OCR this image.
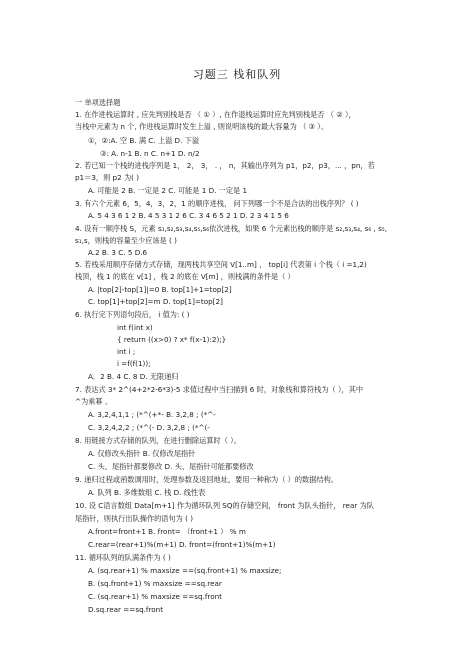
习题三 栈和队列
一 单项选择题
1. 在作进栈运算时 , 应先判别栈是否 （ ① ）, 在作退栈运算时应先判别栈是否 （ ② ），
当栈中元素为 n 个, 作进栈运算时发生上溢 , 则说明该栈的最大容量为 （ ③ ）。
①，②:A. 空 B. 满 C. 上溢 D. 下溢
③: A. n-1 B. n C. n+1 D. n/2
2. 若已知一个栈的进栈序列是 1， 2， 3， . ， n，其输出序列为 p1，p2，p3，... ，pn，若
p1＝3，则 p2 为( )
A. 可能是 2 B. 一定是 2 C. 可能是 1 D. 一定是 1
3. 有六个元素 6，5，4，3，2，1 的顺序进栈， 问下列哪一个不是合法的出栈序列？ ( )
A. 5 4 3 6 1 2 B. 4 5 3 1 2 6 C. 3 4 6 5 2 1 D. 2 3 4 1 5 6
4. 设有一顺序栈 S，元素 s₁,s₂,s₃,s₄,s₅,s₆依次进栈，如果 6 个元素出栈的顺序是 s₂,s₃,s₄, s₆ , s₅,
s₁,s，则栈的容量至少应该是 ( )
A.2 B. 3 C. 5 D.6
5. 若栈采用顺序存储方式存储，现两栈共享空间 V[1..m] ， top[i] 代表第 i 个栈（ i =1,2)
栈顶，栈 1 的底在 v[1] ，栈 2 的底在 V[m] ，则栈满的条件是（ ）
A. |top[2]-top[1]|=0 B. top[1]+1=top[2]
C. top[1]+top[2]=m D. top[1]=top[2]
6. 执行完下列语句段后， i 值为: ( )
int f(int x)
{ return ((x>0) ? x* f(x-1):2);}
int i ;
i =f(f(1));
A．2 B. 4 C. 8 D. 无限递归
7. 表达式 3* 2^(4+2*2-6*3)-5 求值过程中当扫描到 6 时，对象栈和算符栈为（ ），其中
^为乘幂 。
A. 3,2,4,1,1 ; (*^(+*- B. 3,2,8 ; (*^-
C. 3,2,4,2,2 ; (*^(- D. 3,2,8 ; (*^(-
8. 用链接方式存储的队列，在进行删除运算时（ ）。
A. 仅修改头指针 B. 仅修改尾指针
C. 头、尾指针都要修改 D. 头、尾指针可能都要修改
9. 递归过程或函数调用时，处理参数及返回地址，要用一种称为（ ）的数据结构。
A. 队列 B. 多维数组 C. 栈 D. 线性表
10. 设 C语言数组 Data[m+1] 作为循环队列 SQ的存储空间， front 为队头指针， rear 为队
尾指针，则执行出队操作的语句为 ( )
A.front=front+1 B. front= （front+1 ） % m
C.rear=(rear+1)%(m+1) D. front=(front+1)%(m+1)
11. 循环队列的队满条件为 ( )
A. (sq.rear+1) % maxsize ==(sq.front+1) % maxsize;
B. (sq.front+1) % maxsize ==sq.rear
C. (sq.rear+1) % maxsize ==sq.front
D.sq.rear ==sq.front
